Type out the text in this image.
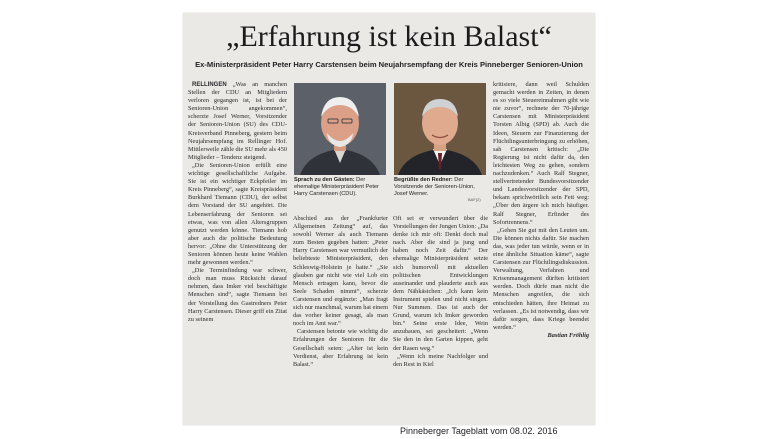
„Erfahrung ist kein Balast“
Ex-Ministerpräsident Peter Harry Carstensen beim Neujahrsempfang der Kreis Pinneberger Senioren-Union

RELLINGEN „Was an manchen Stellen der CDU an Mitgliedern verloren gegangen ist, ist bei der Senioren-Union angekommen“, scherzte Josef Werner, Vorsitzender der Senioren-Union (SU) des CDU-Kreisverband Pinneberg, gestern beim Neujahrsempfang im Rellinger Hof. Mittlerweile zähle die SU mehr als 450 Mitglieder – Tendenz steigend.

„Die Senioren-Union erfüllt eine wichtige gesellschaftliche Aufgabe. Sie ist ein wichtiger Eckpfeiler im Kreis Pinneberg“, sagte Kreispräsident Burkhard Tiemann (CDU), der selbst dem Vorstand der SU angehört. Die Lebenserfahrung der Senioren sei etwas, was von allen Altersgruppen genutzt werden könne. Tiemann hob aber auch die politische Bedeutung hervor: „Ohne die Unterstützung der Senioren können heute keine Wahlen mehr gewonnen werden.“

„Die Terminfindung war schwer, doch man muss Rücksicht darauf nehmen, dass Imker viel beschäftigte Menschen sind“, sagte Tiemann bei der Vorstellung des Gastredners Peter Harry Carstensen. Dieser griff ein Zitat zu seinem

Sprach zu den Gästen: Der ehemalige Ministerpräsident Peter Harry Carstensen (CDU).
Begrüßte den Redner: Der Vorsitzende der Senioren-Union, Josef Werner.
BAF(2)

Abschied aus der „Frankfurter Allgemeinen Zeitung“ auf, das sowohl Werner als auch Tiemann zum Besten gegeben hatten: „Peter Harry Carstensen war vermutlich der beliebteste Ministerpräsident, den Schleswig-Holstein je hatte.“ „Sie glauben gar nicht wie viel Lob ein Mensch ertragen kann, bevor die Seele Schaden nimmt“, scherzte Carstensen und ergänzte: „Man fragt sich nur manchmal, warum hat einem das vorher keiner gesagt, als man noch im Amt war.“

Carstensen betonte wie wichtig die Erfahrungen der Senioren für die Gesellschaft seien: „Alter ist kein Verdienst, aber Erfahrung ist kein Balast.“

Oft sei er verwundert über die Vorstellungen der Jungen Union: „Da denke ich mir oft: Denkt doch mal nach. Aber die sind ja jung und haben noch Zeit dafür.“ Der ehemalige Ministerpräsident setzte sich humorvoll mit aktuellen politischen Entwicklungen auseinander und plauderte auch aus dem Nähkästchen: „Ich kann kein Instrument spielen und nicht singen. Nur Summen. Das ist auch der Grund, warum ich Imker geworden bin.“ Seine erste Idee, Wein anzubauen, sei gescheitert: „Wenn Sie den in den Garten kippen, geht der Rasen weg.“

„Wenn ich meine Nachfolger und den Rest in Kiel

kritisiere, dann weil Schulden gemacht werden in Zeiten, in denen es so viele Steuereinnahmen gibt wie nie zuvor“, rechnete der 70-jährige Carstensen mit Ministerpräsident Torsten Albig (SPD) ab. Auch die Ideen, Steuern zur Finanzierung der Flüchtlingsunterbringung zu erhöhen, sah Carstensen kritisch: „Die Regierung ist nicht dafür da, den leichtesten Weg zu gehen, sondern nachzudenken.“ Auch Ralf Stegner, stellvertretender Bundesvorsitzender und Landesvorsitzender der SPD, bekam sprichwörtlich sein Fett weg: „Über den ärgere ich mich häufiger. Ralf Stegner, Erfinder des Sofortrennens.“

„Gehen Sie gut mit den Leuten um. Die können nichts dafür. Sie machen das, was jeder tun würde, wenn er in eine ähnliche Situation käme“, sagte Carstensen zur Flüchtlingsdiskussion. Verwaltung, Verfahren und Krisenmanagement dürften kritisiert werden. Doch dürfe man nicht die Menschen angreifen, die sich entschieden hätten, ihre Heimat zu verlassen. „Es ist notwendig, dass wir dafür sorgen, dass Kriege beendet werden.“

Bastian Fröhlig
Pinneberger Tageblatt vom 08.02. 2016
